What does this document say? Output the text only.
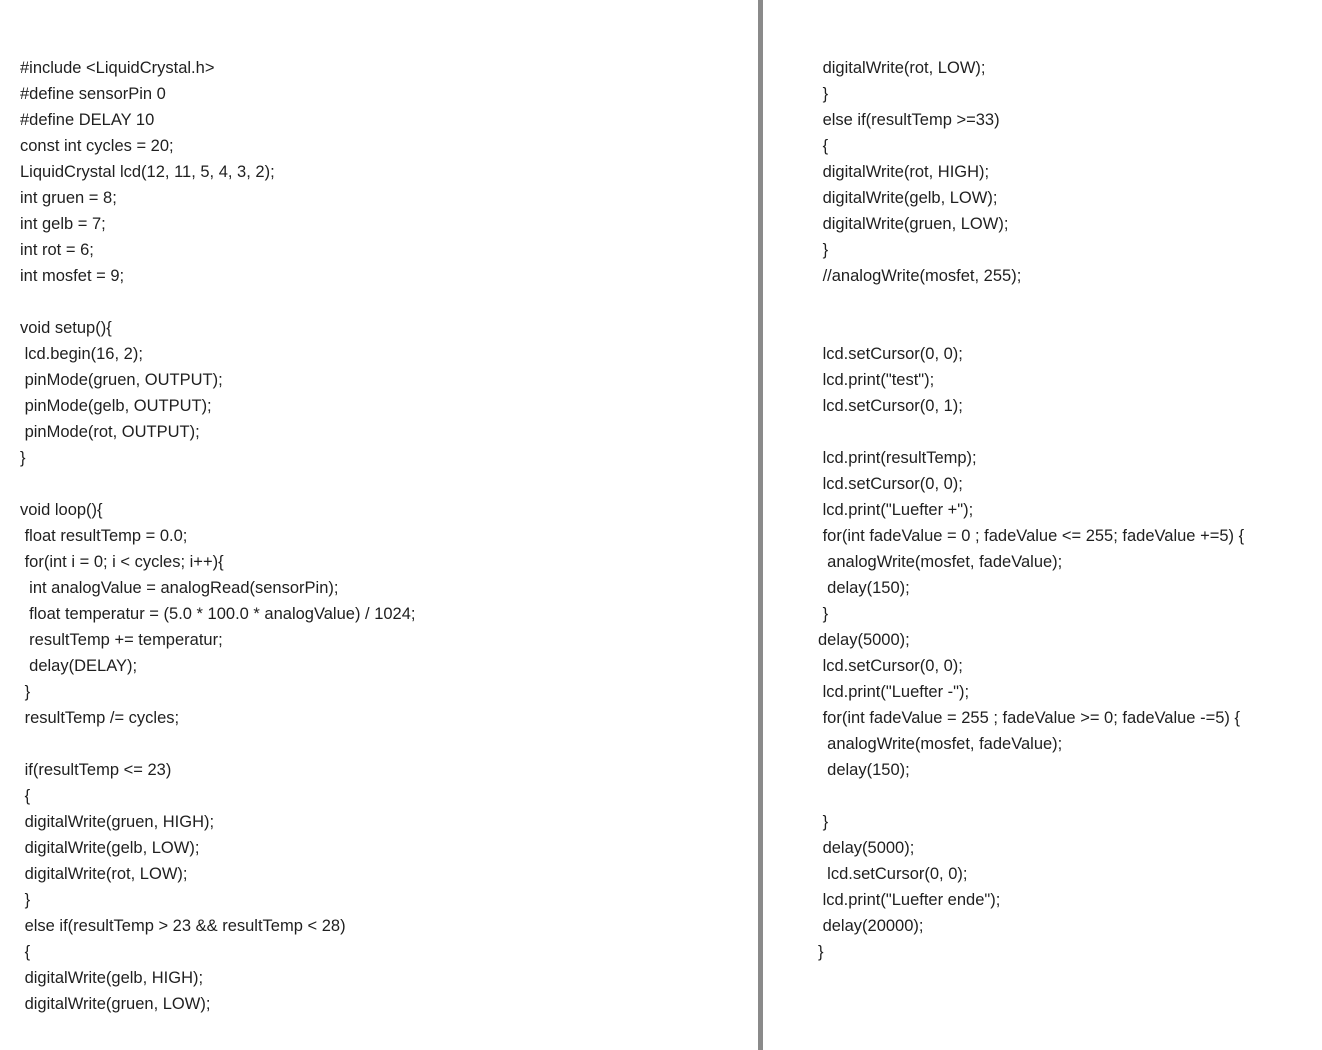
#include <LiquidCrystal.h>
#define sensorPin 0
#define DELAY 10
const int cycles = 20;
LiquidCrystal lcd(12, 11, 5, 4, 3, 2);
int gruen = 8;
int gelb = 7;
int rot = 6;
int mosfet = 9;
void setup(){
lcd.begin(16, 2);
pinMode(gruen, OUTPUT);
pinMode(gelb, OUTPUT);
pinMode(rot, OUTPUT);
}
void loop(){
float resultTemp = 0.0;
for(int i = 0; i < cycles; i++){
int analogValue = analogRead(sensorPin);
float temperatur = (5.0 * 100.0 * analogValue) / 1024;
resultTemp += temperatur;
delay(DELAY);
}
resultTemp /= cycles;
if(resultTemp <= 23)
{
digitalWrite(gruen, HIGH);
digitalWrite(gelb, LOW);
digitalWrite(rot, LOW);
}
else if(resultTemp > 23 && resultTemp < 28)
{
digitalWrite(gelb, HIGH);
digitalWrite(gruen, LOW);
digitalWrite(rot, LOW);
}
else if(resultTemp >=33)
{
digitalWrite(rot, HIGH);
digitalWrite(gelb, LOW);
digitalWrite(gruen, LOW);
}
//analogWrite(mosfet, 255);
lcd.setCursor(0, 0);
lcd.print("test");
lcd.setCursor(0, 1);
lcd.print(resultTemp);
lcd.setCursor(0, 0);
lcd.print("Luefter +");
for(int fadeValue = 0 ; fadeValue <= 255; fadeValue +=5) {
analogWrite(mosfet, fadeValue);
delay(150);
}
delay(5000);
lcd.setCursor(0, 0);
lcd.print("Luefter -");
for(int fadeValue = 255 ; fadeValue >= 0; fadeValue -=5) {
analogWrite(mosfet, fadeValue);
delay(150);
}
delay(5000);
lcd.setCursor(0, 0);
lcd.print("Luefter ende");
delay(20000);
}
